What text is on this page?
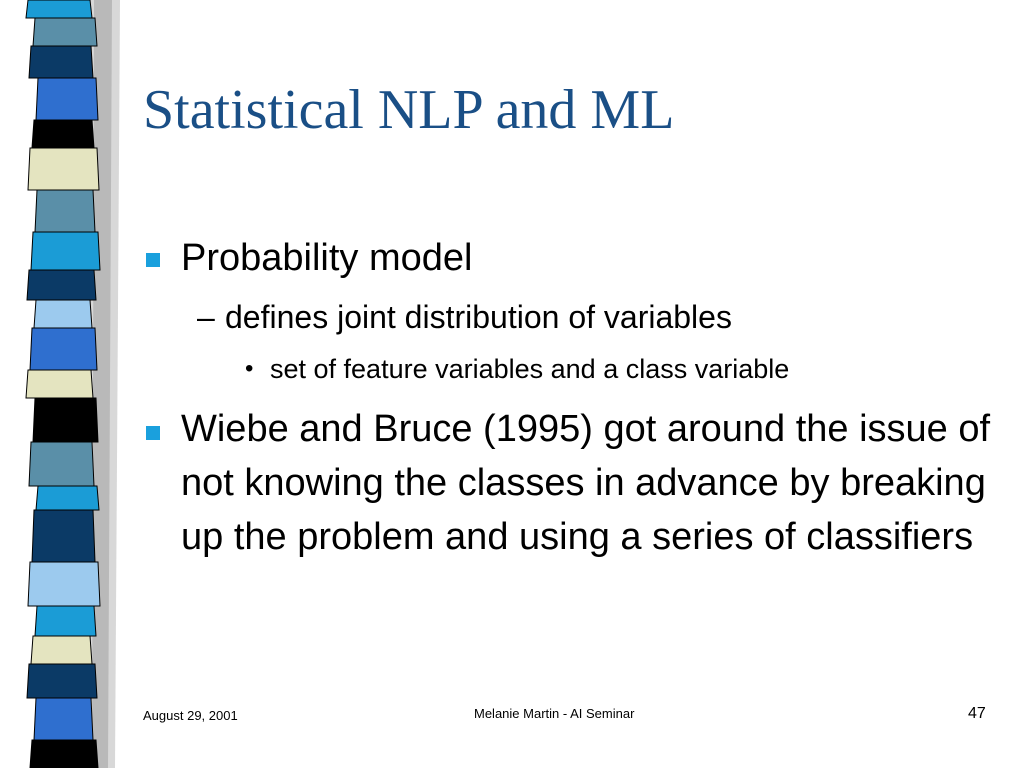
Statistical NLP and ML
Probability model
– defines joint distribution of variables
• set of feature variables and a class variable
Wiebe and Bruce (1995) got around the issue of not knowing the classes in advance by breaking up the problem and using a series of classifiers
August 29, 2001	Melanie Martin - AI Seminar	47
